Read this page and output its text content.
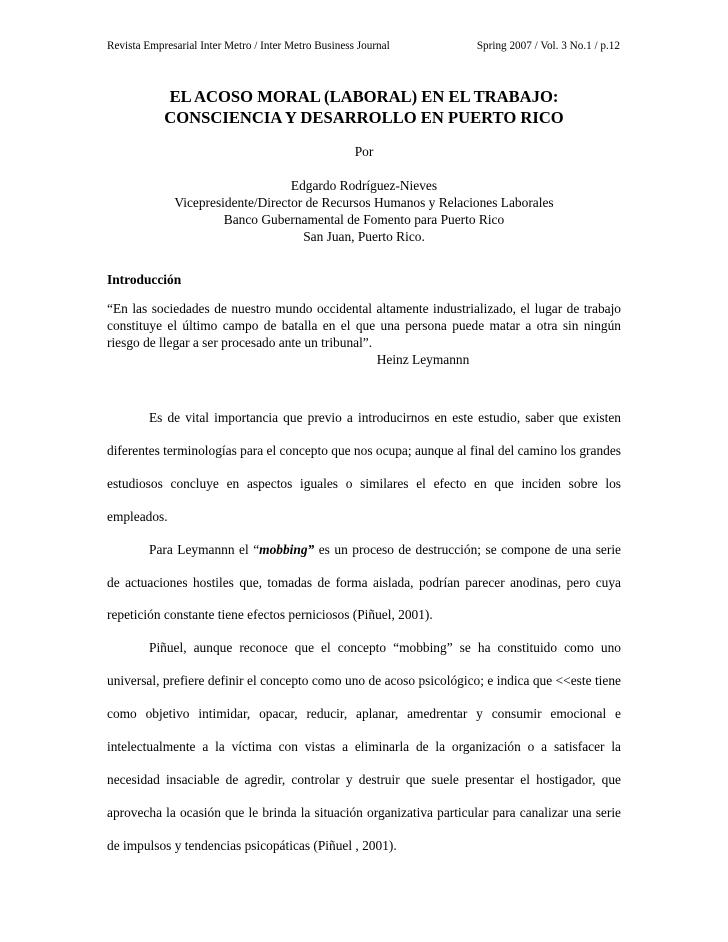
Revista Empresarial Inter Metro / Inter Metro Business Journal	Spring 2007 / Vol. 3 No.1 / p.12
EL ACOSO MORAL (LABORAL) EN EL TRABAJO:
CONSCIENCIA Y DESARROLLO EN PUERTO RICO
Por
Edgardo Rodríguez-Nieves
Vicepresidente/Director de Recursos Humanos y Relaciones Laborales
Banco Gubernamental de Fomento para Puerto Rico
San Juan, Puerto Rico.
Introducción
“En las sociedades de nuestro mundo occidental altamente industrializado, el lugar de trabajo constituye el último campo de batalla en el que una persona puede matar a otra sin ningún riesgo de llegar a ser procesado ante un tribunal”.
Heinz Leymannn

Es de vital importancia que previo a introducirnos en este estudio, saber que existen diferentes terminologías para el concepto que nos ocupa; aunque al final del camino los grandes estudiosos concluye en aspectos iguales o similares el efecto en que inciden sobre los empleados.

Para Leymannn el “mobbing” es un proceso de destrucción; se compone de una serie de actuaciones hostiles que, tomadas de forma aislada, podrían parecer anodinas, pero cuya repetición constante tiene efectos perniciosos (Piñuel, 2001).

Piñuel, aunque reconoce que el concepto “mobbing” se ha constituido como uno universal, prefiere definir el concepto como uno de acoso psicológico; e indica que <<este tiene como objetivo intimidar, opacar, reducir, aplanar, amedrentar y consumir emocional e intelectualmente a la víctima con vistas a eliminarla de la organización o a satisfacer la necesidad insaciable de agredir, controlar y destruir que suele presentar el hostigador, que aprovecha la ocasión que le brinda la situación organizativa particular para canalizar una serie de impulsos y tendencias psicopáticas (Piñuel , 2001).
